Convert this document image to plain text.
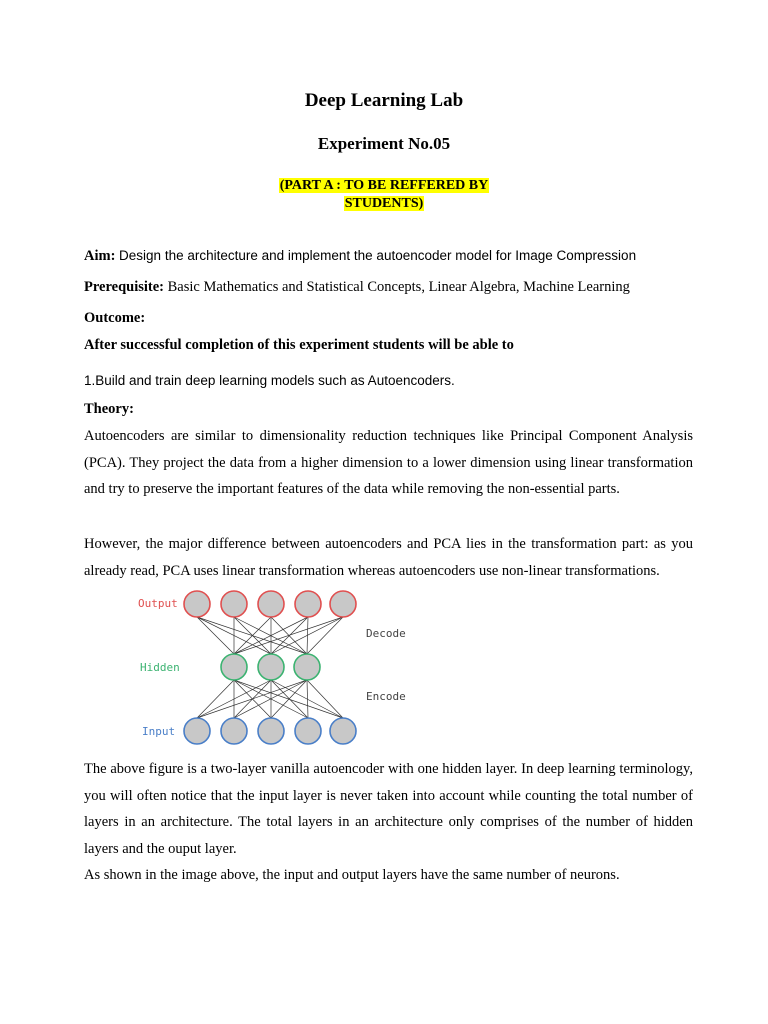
Deep Learning Lab
Experiment No.05
(PART A : TO BE REFFERED BY
STUDENTS)
Aim: Design the architecture and implement the autoencoder model for Image Compression
Prerequisite: Basic Mathematics and Statistical Concepts, Linear Algebra, Machine Learning
Outcome:
After successful completion of this experiment students will be able to
1.Build and train deep learning models such as Autoencoders.
Theory:
Autoencoders are similar to dimensionality reduction techniques like Principal Component Analysis (PCA). They project the data from a higher dimension to a lower dimension using linear transformation and try to preserve the important features of the data while removing the non-essential parts.
However, the major difference between autoencoders and PCA lies in the transformation part: as you already read, PCA uses linear transformation whereas autoencoders use non-linear transformations.
Output
Hidden
Input
Decode
Encode
The above figure is a two-layer vanilla autoencoder with one hidden layer. In deep learning terminology, you will often notice that the input layer is never taken into account while counting the total number of layers in an architecture. The total layers in an architecture only comprises of the number of hidden layers and the ouput layer.
As shown in the image above, the input and output layers have the same number of neurons.
